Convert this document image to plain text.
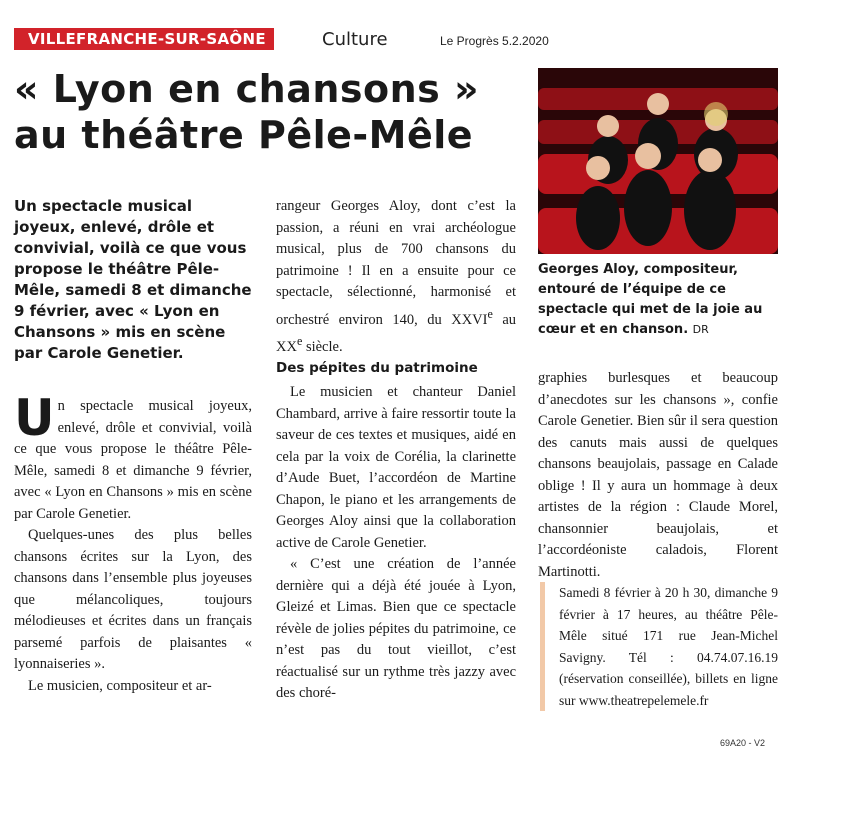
VILLEFRANCHE-SUR-SAÔNE	Culture	Le Progrès 5.2.2020
« Lyon en chansons »
au théâtre Pêle-Mêle
Georges Aloy, compositeur, entouré de l’équipe de ce spectacle qui met de la joie au cœur et en chanson. DR
Un spectacle musical joyeux, enlevé, drôle et convivial, voilà ce que vous propose le théâtre Pêle-Mêle, samedi 8 et dimanche 9 février, avec « Lyon en Chansons » mis en scène par Carole Genetier.

Un spectacle musical joyeux, enlevé, drôle et convivial, voilà ce que vous propose le théâtre Pêle-Mêle, samedi 8 et dimanche 9 février, avec « Lyon en Chansons » mis en scène par Carole Genetier.

Quelques-unes des plus belles chansons écrites sur la Lyon, des chansons dans l’ensemble plus joyeuses que mélancoliques, toujours mélodieuses et écrites dans un français parsemé parfois de plaisantes « lyonnaiseries ».

Le musicien, compositeur et ar-

rangeur Georges Aloy, dont c’est la passion, a réuni en vrai archéologue musical, plus de 700 chansons du patrimoine ! Il en a ensuite pour ce spectacle, sélectionné, harmonisé et orchestré environ 140, du XXVIe au XXe siècle.

Des pépites du patrimoine

Le musicien et chanteur Daniel Chambard, arrive à faire ressortir toute la saveur de ces textes et musiques, aidé en cela par la voix de Corélia, la clarinette d’Aude Buet, l’accordéon de Martine Chapon, le piano et les arrangements de Georges Aloy ainsi que la collaboration active de Carole Genetier.

« C’est une création de l’année dernière qui a déjà été jouée à Lyon, Gleizé et Limas. Bien que ce spectacle révèle de jolies pépites du patrimoine, ce n’est pas du tout vieillot, c’est réactualisé sur un rythme très jazzy avec des choré-

graphies burlesques et beaucoup d’anecdotes sur les chansons », confie Carole Genetier. Bien sûr il sera question des canuts mais aussi de quelques chansons beaujolais, passage en Calade oblige ! Il y aura un hommage à deux artistes de la région : Claude Morel, chansonnier beaujolais, et l’accordéoniste caladois, Florent Martinotti.

Samedi 8 février à 20 h 30, dimanche 9 février à 17 heures, au théâtre Pêle-Mêle situé 171 rue Jean-Michel Savigny. Tél : 04.74.07.16.19 (réservation conseillée), billets en ligne sur www.theatrepelemele.fr
69A20 - V2
